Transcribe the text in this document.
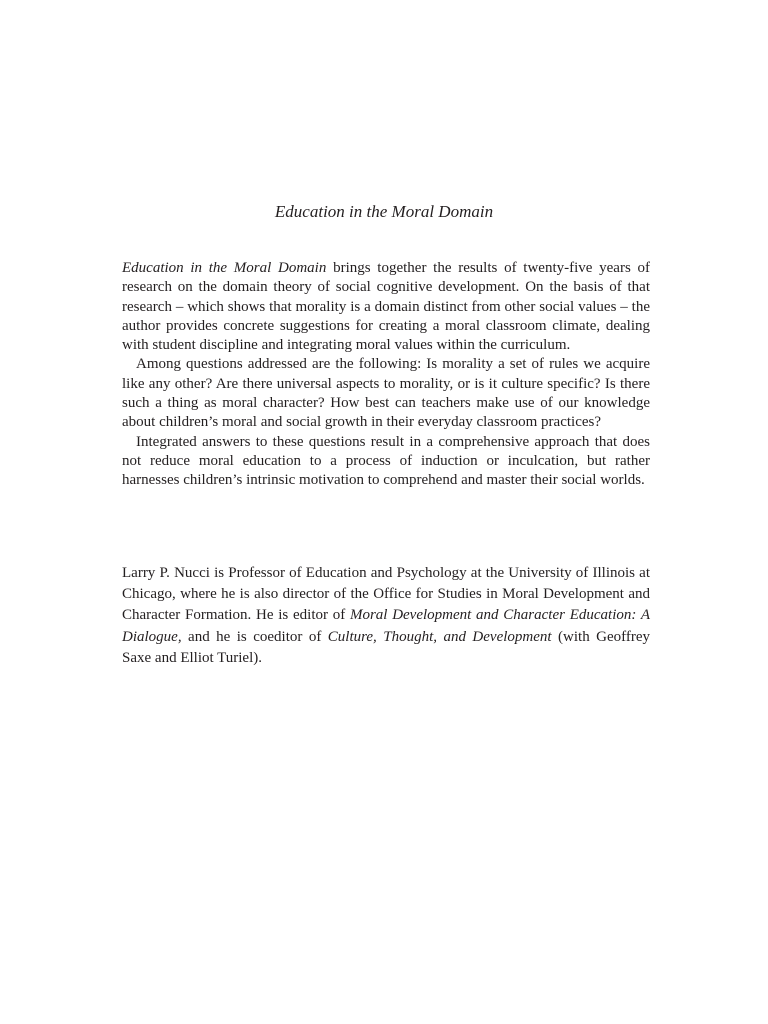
Education in the Moral Domain

Education in the Moral Domain brings together the results of twenty-five years of research on the domain theory of social cognitive development. On the basis of that research – which shows that morality is a domain distinct from other social values – the author provides concrete suggestions for creating a moral classroom climate, dealing with student discipline and integrating moral values within the curriculum.

Among questions addressed are the following: Is morality a set of rules we acquire like any other? Are there universal aspects to morality, or is it culture specific? Is there such a thing as moral character? How best can teachers make use of our knowledge about children’s moral and social growth in their everyday classroom practices?

Integrated answers to these questions result in a comprehensive approach that does not reduce moral education to a process of induction or inculcation, but rather harnesses children’s intrinsic motivation to comprehend and master their social worlds.

Larry P. Nucci is Professor of Education and Psychology at the University of Illinois at Chicago, where he is also director of the Office for Studies in Moral Development and Character Formation. He is editor of Moral Development and Character Education: A Dialogue, and he is coeditor of Culture, Thought, and Development (with Geoffrey Saxe and Elliot Turiel).
